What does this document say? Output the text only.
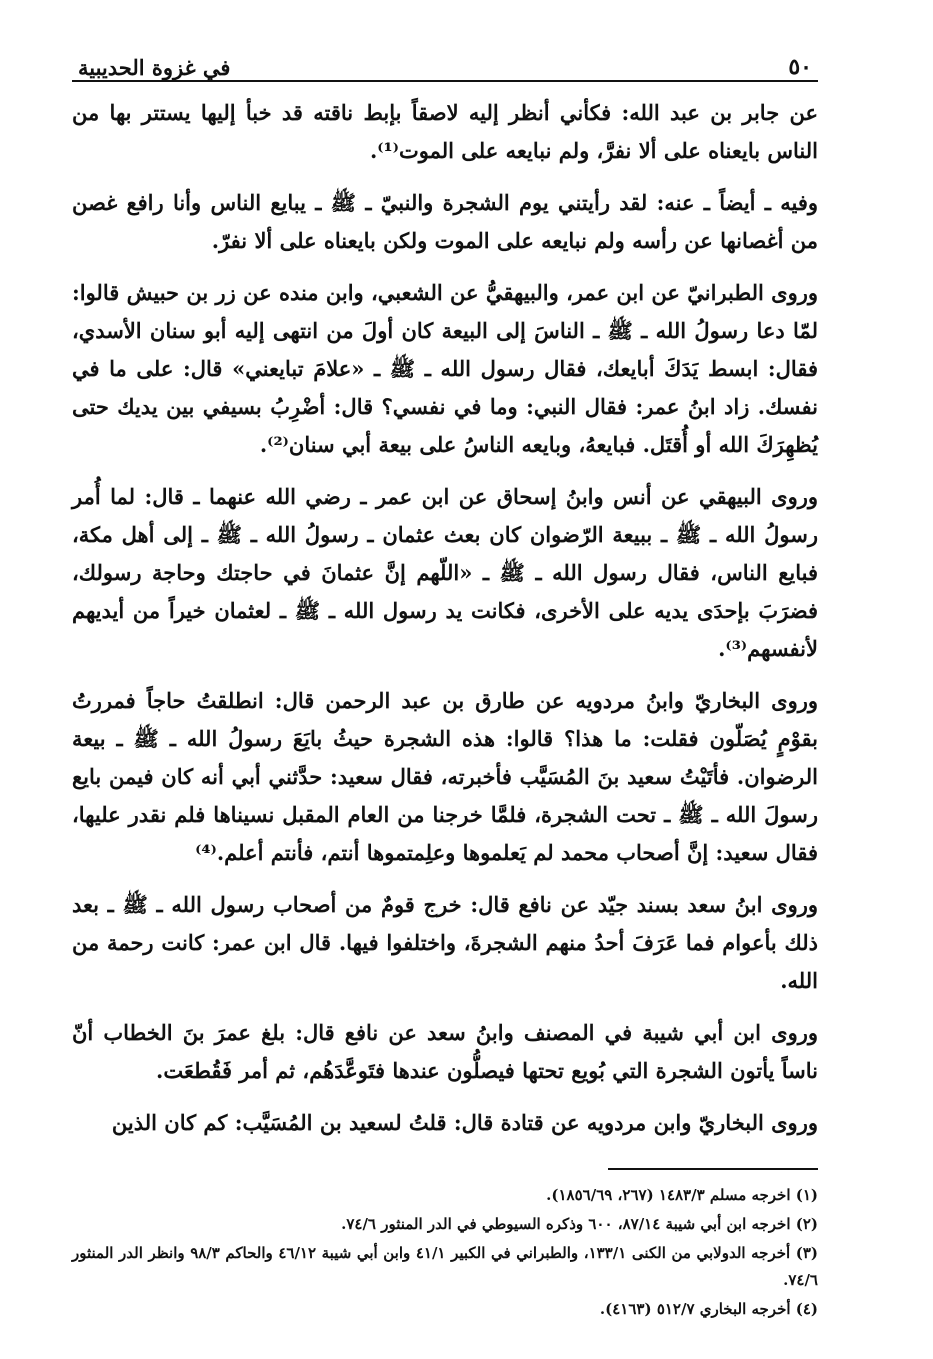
٥٠
في غزوة الحديبية

عن جابر بن عبد الله: فكأني أنظر إليه لاصقاً بإبط ناقته قد خبأ إليها يستتر بها من الناس بايعناه على ألا نفرَّ، ولم نبايعه على الموت⁽¹⁾.

وفيه ـ أيضاً ـ عنه: لقد رأيتني يوم الشجرة والنبيّ ـ ﷺ ـ يبايع الناس وأنا رافع غصن من أغصانها عن رأسه ولم نبايعه على الموت ولكن بايعناه على ألا نفرّ.

وروى الطبرانيّ عن ابن عمر، والبيهقيُّ عن الشعبي، وابن منده عن زر بن حبيش قالوا: لمّا دعا رسولُ الله ـ ﷺ ـ الناسَ إلى البيعة كان أولَ من انتهى إليه أبو سنان الأسدي، فقال: ابسط يَدَكَ أبايعك، فقال رسول الله ـ ﷺ ـ «علامَ تبايعني» قال: على ما في نفسك. زاد ابنُ عمر: فقال النبي: وما في نفسي؟ قال: أضْرِبُ بسيفي بين يديك حتى يُظهِرَكَ الله أو أُقتَل. فبايعهُ، وبايعه الناسُ على بيعة أبي سنان⁽²⁾.

وروى البيهقي عن أنس وابنُ إسحاق عن ابن عمر ـ رضي الله عنهما ـ قال: لما أُمر رسولُ الله ـ ﷺ ـ ببيعة الرّضوان كان بعث عثمان ـ رسولُ الله ـ ﷺ ـ إلى أهل مكة، فبايع الناس، فقال رسول الله ـ ﷺ ـ «اللّهم إنَّ عثمانَ في حاجتك وحاجة رسولك، فضرَبَ بإحدَى يديه على الأخرى، فكانت يد رسول الله ـ ﷺ ـ لعثمان خيراً من أيديهم لأنفسهم⁽³⁾.

وروى البخاريّ وابنُ مردويه عن طارق بن عبد الرحمن قال: انطلقتُ حاجاً فمررتُ بقوْمٍ يُصَلّون فقلت: ما هذا؟ قالوا: هذه الشجرة حيثُ بايَعَ رسولُ الله ـ ﷺ ـ بيعة الرضوان. فأتَيْتُ سعيد بنَ المُسَيَّب فأخبرته، فقال سعيد: حدَّثني أبي أنه كان فيمن بايع رسولَ الله ـ ﷺ ـ تحت الشجرة، فلمَّا خرجنا من العام المقبل نسيناها فلم نقدر عليها، فقال سعيد: إنَّ أصحاب محمد لم يَعلموها وعلِمتموها أنتم، فأنتم أعلم.⁽⁴⁾

وروى ابنُ سعد بسند جيّد عن نافع قال: خرج قومٌ من أصحاب رسول الله ـ ﷺ ـ بعد ذلك بأعوام فما عَرَفَ أحدُ منهم الشجرةَ، واختلفوا فيها. قال ابن عمر: كانت رحمة من الله.

وروى ابن أبي شيبة في المصنف وابنُ سعد عن نافع قال: بلغ عمرَ بنَ الخطاب أنّ ناساً يأتون الشجرة التي بُويع تحتها فيصلُّون عندها فتَوعَّدَهُم، ثم أمر فَقُطعَت.

وروى البخاريّ وابن مردويه عن قتادة قال: قلتُ لسعيد بن المُسَيَّب: كم كان الذين

(١) اخرجه مسلم ١٤٨٣/٣ (٢٦٧، ١٨٥٦/٦٩).

(٢) اخرجه ابن أبي شيبة ٨٧/١٤، ٦٠٠ وذكره السيوطي في الدر المنثور ٧٤/٦.

(٣) أخرجه الدولابي من الكنى ١٣٣/١، والطبراني في الكبير ٤١/١ وابن أبي شيبة ٤٦/١٢ والحاكم ٩٨/٣ وانظر الدر المنثور ٧٤/٦.

(٤) أخرجه البخاري ٥١٢/٧ (٤١٦٣).
